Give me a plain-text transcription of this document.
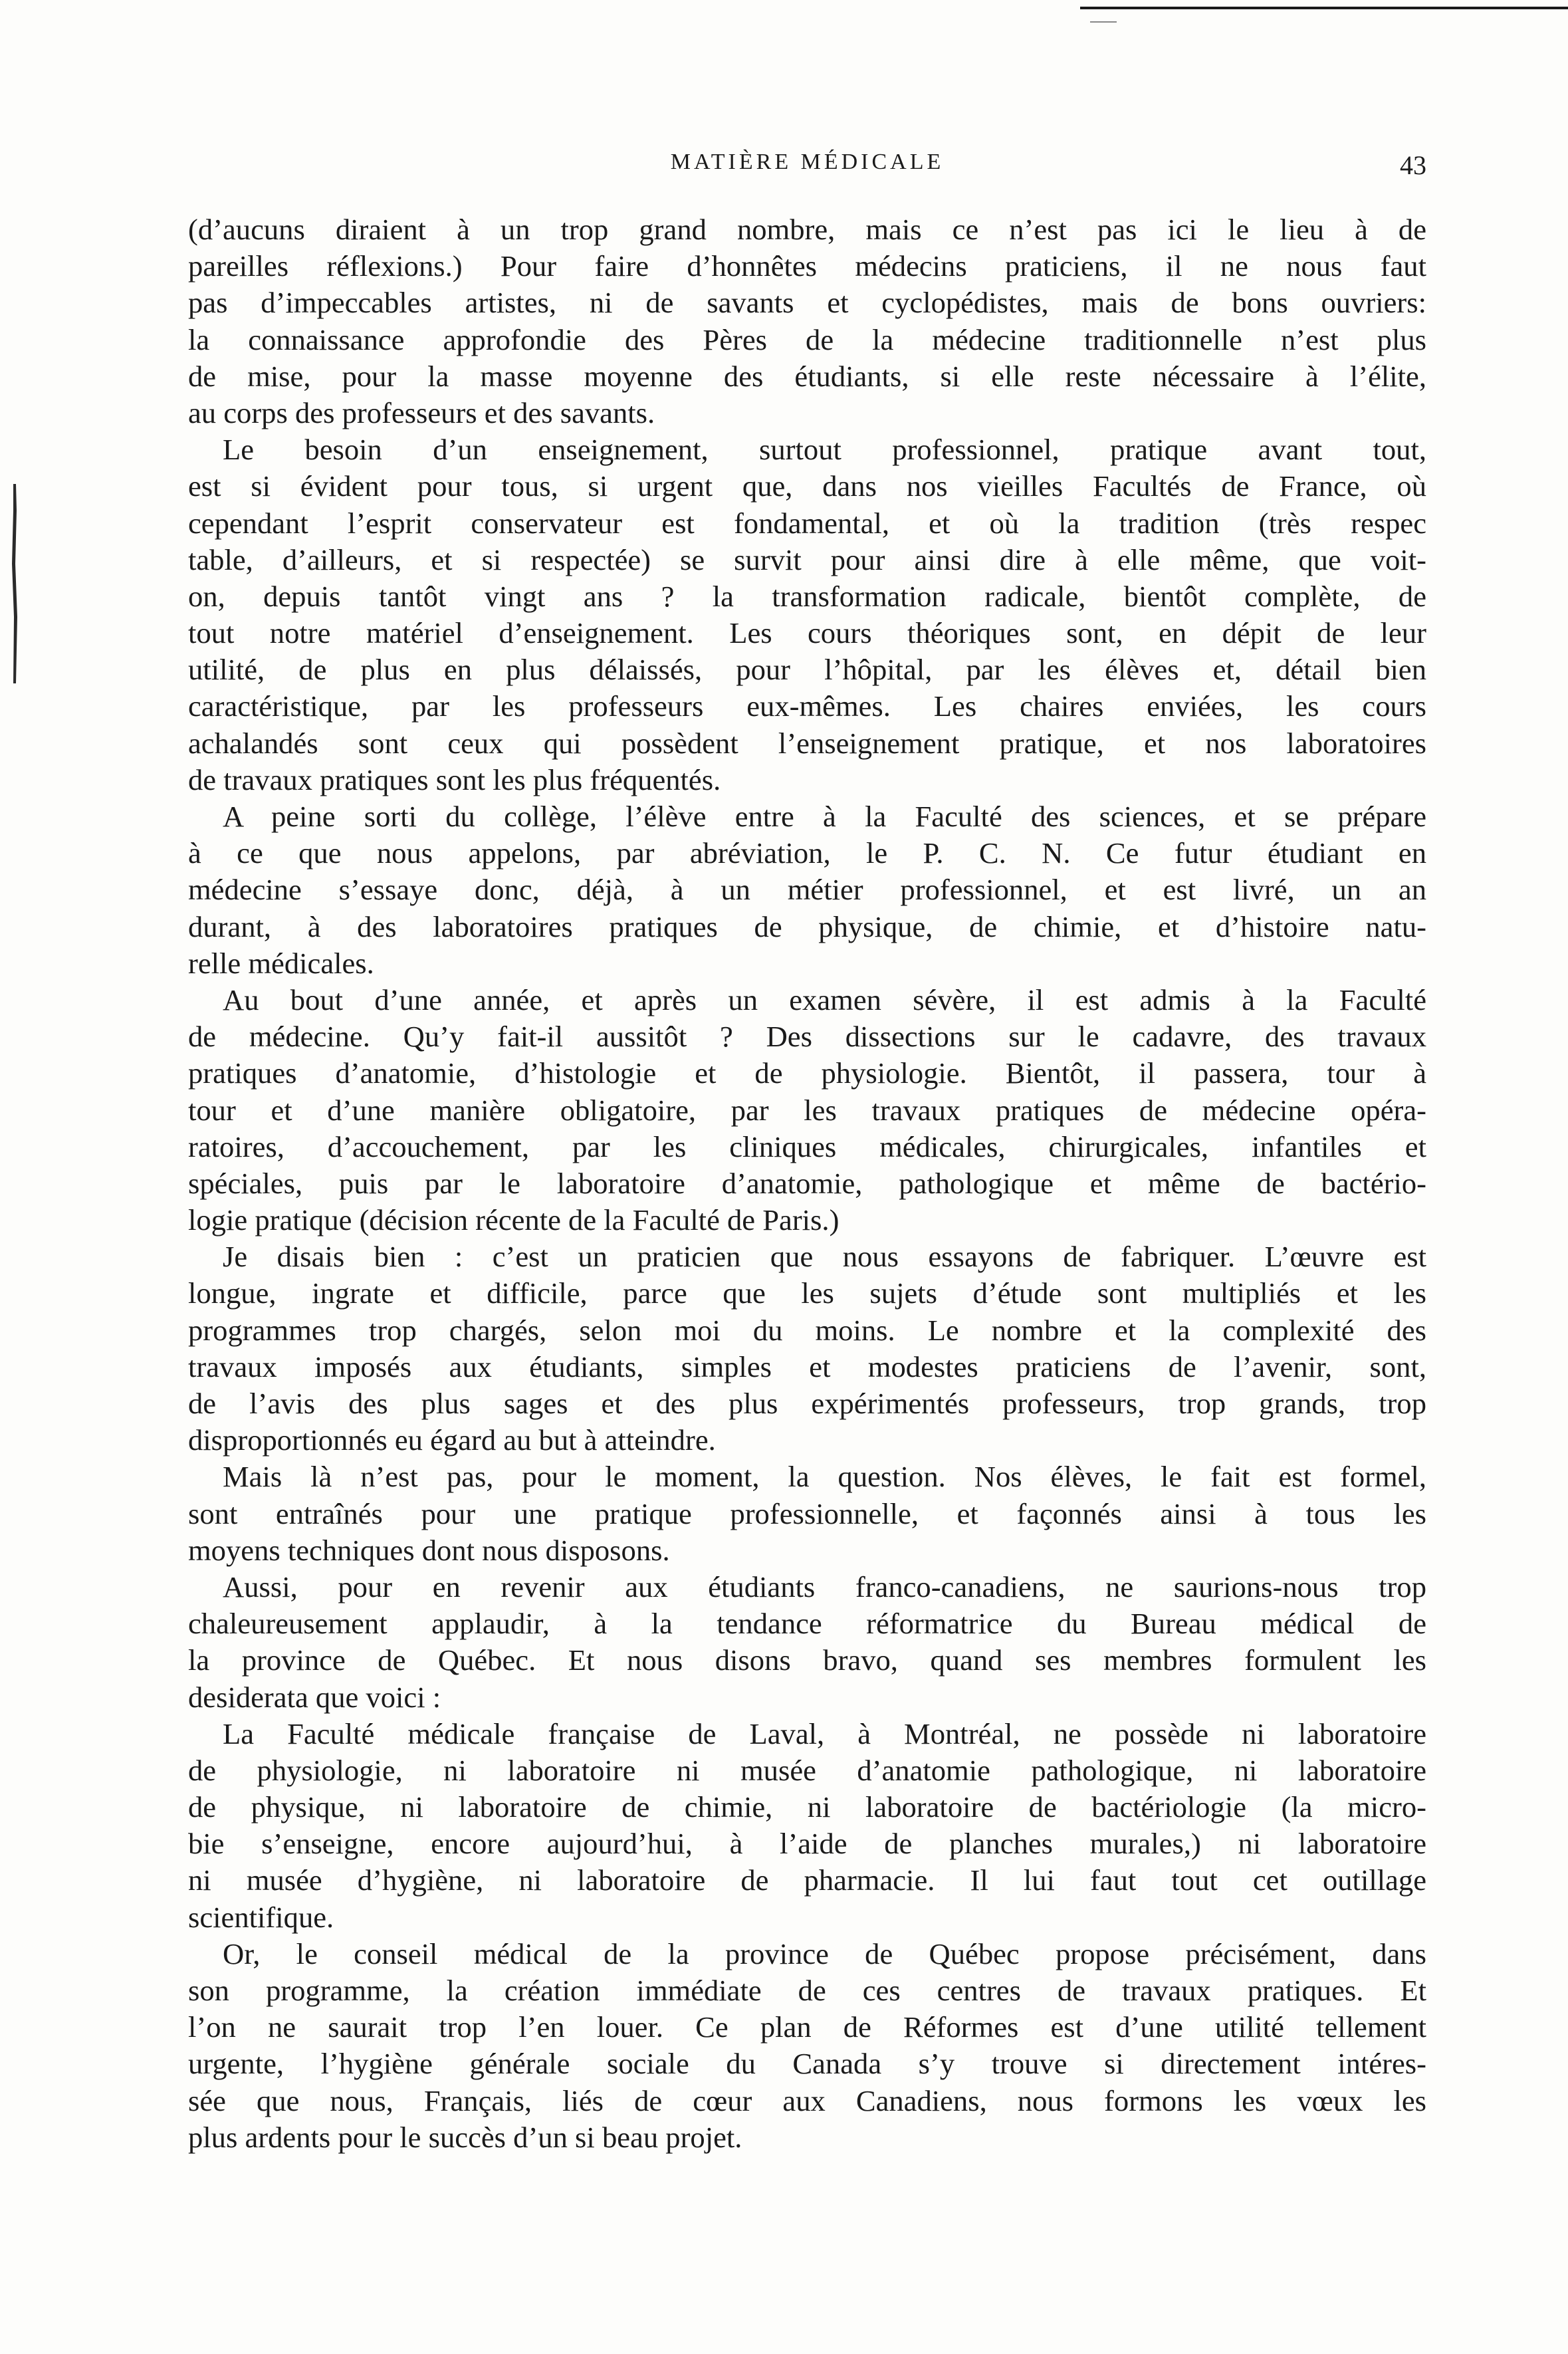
MATIÈRE MÉDICALE	43
(d’aucuns diraient à un trop grand nombre, mais ce n’est pas ici le lieu à de
pareilles réflexions.) Pour faire d’honnêtes médecins praticiens, il ne nous faut
pas d’impeccables artistes, ni de savants et cyclopédistes, mais de bons ouvriers:
la connaissance approfondie des Pères de la médecine traditionnelle n’est plus
de mise, pour la masse moyenne des étudiants, si elle reste nécessaire à l’élite,
au corps des professeurs et des savants.
Le besoin d’un enseignement, surtout professionnel, pratique avant tout,
est si évident pour tous, si urgent que, dans nos vieilles Facultés de France, où
cependant l’esprit conservateur est fondamental, et où la tradition (très respec
table, d’ailleurs, et si respectée) se survit pour ainsi dire à elle même, que voit-
on, depuis tantôt vingt ans ? la transformation radicale, bientôt complète, de
tout notre matériel d’enseignement. Les cours théoriques sont, en dépit de leur
utilité, de plus en plus délaissés, pour l’hôpital, par les élèves et, détail bien
caractéristique, par les professeurs eux-mêmes. Les chaires enviées, les cours
achalandés sont ceux qui possèdent l’enseignement pratique, et nos laboratoires
de travaux pratiques sont les plus fréquentés.
A peine sorti du collège, l’élève entre à la Faculté des sciences, et se prépare
à ce que nous appelons, par abréviation, le P. C. N. Ce futur étudiant en
médecine s’essaye donc, déjà, à un métier professionnel, et est livré, un an
durant, à des laboratoires pratiques de physique, de chimie, et d’histoire natu-
relle médicales.
Au bout d’une année, et après un examen sévère, il est admis à la Faculté
de médecine. Qu’y fait-il aussitôt ? Des dissections sur le cadavre, des travaux
pratiques d’anatomie, d’histologie et de physiologie. Bientôt, il passera, tour à
tour et d’une manière obligatoire, par les travaux pratiques de médecine opéra-
ratoires, d’accouchement, par les cliniques médicales, chirurgicales, infantiles et
spéciales, puis par le laboratoire d’anatomie, pathologique et même de bactério-
logie pratique (décision récente de la Faculté de Paris.)
Je disais bien : c’est un praticien que nous essayons de fabriquer. L’œuvre est
longue, ingrate et difficile, parce que les sujets d’étude sont multipliés et les
programmes trop chargés, selon moi du moins. Le nombre et la complexité des
travaux imposés aux étudiants, simples et modestes praticiens de l’avenir, sont,
de l’avis des plus sages et des plus expérimentés professeurs, trop grands, trop
disproportionnés eu égard au but à atteindre.
Mais là n’est pas, pour le moment, la question. Nos élèves, le fait est formel,
sont entraînés pour une pratique professionnelle, et façonnés ainsi à tous les
moyens techniques dont nous disposons.
Aussi, pour en revenir aux étudiants franco-canadiens, ne saurions-nous trop
chaleureusement applaudir, à la tendance réformatrice du Bureau médical de
la province de Québec. Et nous disons bravo, quand ses membres formulent les
desiderata que voici :
La Faculté médicale française de Laval, à Montréal, ne possède ni laboratoire
de physiologie, ni laboratoire ni musée d’anatomie pathologique, ni laboratoire
de physique, ni laboratoire de chimie, ni laboratoire de bactériologie (la micro-
bie s’enseigne, encore aujourd’hui, à l’aide de planches murales,) ni laboratoire
ni musée d’hygiène, ni laboratoire de pharmacie. Il lui faut tout cet outillage
scientifique.
Or, le conseil médical de la province de Québec propose précisément, dans
son programme, la création immédiate de ces centres de travaux pratiques. Et
l’on ne saurait trop l’en louer. Ce plan de Réformes est d’une utilité tellement
urgente, l’hygiène générale sociale du Canada s’y trouve si directement intéres-
sée que nous, Français, liés de cœur aux Canadiens, nous formons les vœux les
plus ardents pour le succès d’un si beau projet.
